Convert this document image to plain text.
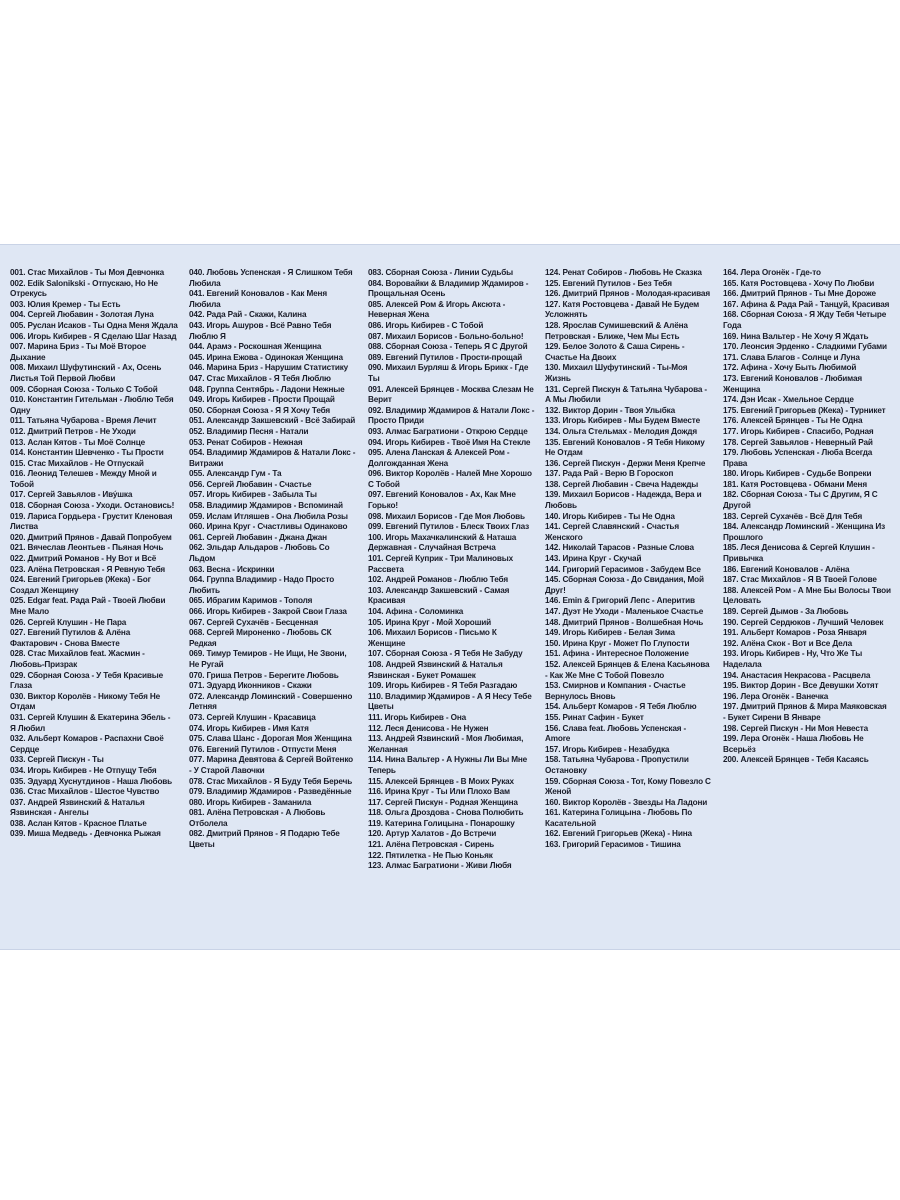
001. Стас Михайлов - Ты Моя Девчонка
002. Edik Salonikski - Отпускаю, Но Не Отрекусь
003. Юлия Кремер - Ты Есть
004. Сергей Любавин - Золотая Луна
005. Руслан Исаков - Ты Одна Меня Ждала
006. Игорь Кибирев - Я Сделаю Шаг Назад
007. Марина Бриз - Ты Моё Второе Дыхание
008. Михаил Шуфутинский - Ах, Осень Листья Той Первой Любви
009. Сборная Союза - Только С Тобой
010. Константин Гительман - Люблю Тебя Одну
011. Татьяна Чубарова - Время Лечит
012. Дмитрий Петров - Не Уходи
013. Аслан Кятов - Ты Моё Солнце
014. Константин Шевченко - Ты Прости
015. Стас Михайлов - Не Отпускай
016. Леонид Телешев - Между Мной и Тобой
017. Сергей Завьялов - Иву́шка
018. Сборная Союза - Уходи. Остановись!
019. Лариса Гордьера - Грустит Кленовая Листва
020. Дмитрий Прянов - Давай Попробуем
021. Вячеслав Леонтьев - Пьяная Ночь
022. Дмитрий Романов - Ну Вот и Всё
023. Алёна Петровская - Я Ревную Тебя
024. Евгений Григорьев (Жека) - Бог Создал Женщину
025. Edgar feat. Рада Рай - Твоей Любви Мне Мало
026. Сергей Клушин - Не Пара
027. Евгений Путилов & Алёна Фактарович - Снова Вместе
028. Стас Михайлов feat. Жасмин - Любовь-Призрак
029. Сборная Союза - У Тебя Красивые Глаза
030. Виктор Королёв - Никому Тебя Не Отдам
031. Сергей Клушин & Екатерина Эбель - Я Любил
032. Альберт Комаров - Распахни Своё Сердце
033. Сергей Пискун - Ты
034. Игорь Кибирев - Не Отпущу Тебя
035. Эдуард Хуснутдинов - Наша Любовь
036. Стас Михайлов - Шестое Чувство
037. Андрей Язвинский & Наталья Язвинская - Ангелы
038. Аслан Кятов - Красное Платье
039. Миша Медведь - Девчонка Рыжая
040. Любовь Успенская - Я Слишком Тебя Любила
041. Евгений Коновалов - Как Меня Любила
042. Рада Рай - Скажи, Калина
043. Игорь Ашуров - Всё Равно Тебя Люблю Я
044. Арамэ - Роскошная Женщина
045. Ирина Ежова - Одинокая Женщина
046. Марина Бриз - Нарушим Статистику
047. Стас Михайлов - Я Тебя Люблю
048. Группа Сентябрь - Ладони Нежные
049. Игорь Кибирев - Прости Прощай
050. Сборная Союза - Я Я Хочу Тебя
051. Александр Закшевский - Всё Забирай
052. Владимир Песня - Натали
053. Ренат Собиров - Нежная
054. Владимир Ждамиров & Натали Локс - Витражи
055. Александр Гум - Та
056. Сергей Любавин - Счастье
057. Игорь Кибирев - Забыла Ты
058. Владимир Ждамиров - Вспоминай
059. Ислам Итляшев - Она Любила Розы
060. Ирина Круг - Счастливы Одинаково
061. Сергей Любавин - Джана Джан
062. Эльдар Альдаров - Любовь Со Льдом
063. Весна - Искринки
064. Группа Владимир - Надо Просто Любить
065. Ибрагим Каримов - Тополя
066. Игорь Кибирев - Закрой Свои Глаза
067. Сергей Сухачёв - Бесценная
068. Сергей Мироненко - Любовь СК Редкая
069. Тимур Темиров - Не Ищи, Не Звони, Не Ругай
070. Гриша Петров - Берегите Любовь
071. Эдуард Иконников - Скажи
072. Александр Ломинский - Совершенно Летняя
073. Сергей Клушин - Красавица
074. Игорь Кибирев - Имя Катя
075. Слава Шанс - Дорогая Моя Женщина
076. Евгений Путилов - Отпусти Меня
077. Марина Девятова & Сергей Войтенко - У Старой Лавочки
078. Стас Михайлов - Я Буду Тебя Беречь
079. Владимир Ждамиров - Разведённые
080. Игорь Кибирев - Заманила
081. Алёна Петровская - А Любовь Отболела
082. Дмитрий Прянов - Я Подарю Тебе Цветы
083. Сборная Союза - Линии Судьбы
084. Воровайки & Владимир Ждамиров - Прощальная Осень
085. Алексей Ром & Игорь Аксюта - Неверная Жена
086. Игорь Кибирев - С Тобой
087. Михаил Борисов - Больно-больно!
088. Сборная Союза - Теперь Я С Другой
089. Евгений Путилов - Прости-прощай
090. Михаил Бурляш & Игорь Брикк - Где Ты
091. Алексей Брянцев - Москва Слезам Не Верит
092. Владимир Ждамиров & Натали Локс - Просто Приди
093. Алмас Багратиони - Открою Сердце
094. Игорь Кибирев - Твоё Имя На Стекле
095. Алена Ланская & Алексей Ром - Долгожданная Жена
096. Виктор Королёв - Налей Мне Хорошо С Тобой
097. Евгений Коновалов - Ах, Как Мне Горько!
098. Михаил Борисов - Где Моя Любовь
099. Евгений Путилов - Блеск Твоих Глаз
100. Игорь Махачкалинский & Наташа Державная - Случайная Встреча
101. Сергей Куприк - Три Малиновых Рассвета
102. Андрей Романов - Люблю Тебя
103. Александр Закшевский - Самая Красивая
104. Афина - Соломинка
105. Ирина Круг - Мой Хороший
106. Михаил Борисов - Письмо К Женщине
107. Сборная Союза - Я Тебя Не Забуду
108. Андрей Язвинский & Наталья Язвинская - Букет Ромашек
109. Игорь Кибирев - Я Тебя Разгадаю
110. Владимир Ждамиров - А Я Несу Тебе Цветы
111. Игорь Кибирев - Она
112. Леся Денисова - Не Нужен
113. Андрей Язвинский - Моя Любимая, Желанная
114. Нина Вальтер - А Нужны Ли Вы Мне Теперь
115. Алексей Брянцев - В Моих Руках
116. Ирина Круг - Ты Или Плохо Вам
117. Сергей Пискун - Родная Женщина
118. Ольга Дроздова - Снова Полюбить
119. Катерина Голицына - Понарошку
120. Артур Халатов - До Встречи
121. Алёна Петровская - Сирень
122. Пятилетка - Не Пью Коньяк
123. Алмас Багратиони - Живи Любя
124. Ренат Собиров - Любовь Не Сказка
125. Евгений Путилов - Без Тебя
126. Дмитрий Прянов - Молодая-красивая
127. Катя Ростовцева - Давай Не Будем Усложнять
128. Ярослав Сумишевский & Алёна Петровская - Ближе, Чем Мы Есть
129. Белое Золото & Саша Сирень - Счастье На Двоих
130. Михаил Шуфутинский - Ты-Моя Жизнь
131. Сергей Пискун & Татьяна Чубарова - А Мы Любили
132. Виктор Дорин - Твоя Улыбка
133. Игорь Кибирев - Мы Будем Вместе
134. Ольга Стельмах - Мелодия Дождя
135. Евгений Коновалов - Я Тебя Никому Не Отдам
136. Сергей Пискун - Держи Меня Крепче
137. Рада Рай - Верю В Гороскоп
138. Сергей Любавин - Свеча Надежды
139. Михаил Борисов - Надежда, Вера и Любовь
140. Игорь Кибирев - Ты Не Одна
141. Сергей Славянский - Счастья Женского
142. Николай Тарасов - Разные Слова
143. Ирина Круг - Скучай
144. Григорий Герасимов - Забудем Все
145. Сборная Союза - До Свидания, Мой Друг!
146. Emin & Григорий Лепс - Аперитив
147. Дуэт Не Уходи - Маленькое Счастье
148. Дмитрий Прянов - Волшебная Ночь
149. Игорь Кибирев - Белая Зима
150. Ирина Круг - Может По Глупости
151. Афина - Интересное Положение
152. Алексей Брянцев & Елена Касьянова - Как Же Мне С Тобой Повезло
153. Смирнов и Компания - Счастье Вернулось Вновь
154. Альберт Комаров - Я Тебя Люблю
155. Ринат Сафин - Букет
156. Слава feat. Любовь Успенская - Amore
157. Игорь Кибирев - Незабудка
158. Татьяна Чубарова - Пропустили Остановку
159. Сборная Союза - Тот, Кому Повезло С Женой
160. Виктор Королёв - Звезды На Ладони
161. Катерина Голицына - Любовь По Касательной
162. Евгений Григорьев (Жека) - Нина
163. Григорий Герасимов - Тишина
164. Лера Огонёк - Где-то
165. Катя Ростовцева - Хочу По Любви
166. Дмитрий Прянов - Ты Мне Дороже
167. Афина & Рада Рай - Танцуй, Красивая
168. Сборная Союза - Я Жду Тебя Четыре Года
169. Нина Вальтер - Не Хочу Я Ждать
170. Леонсия Эрденко - Сладкими Губами
171. Слава Благов - Солнце и Луна
172. Афина - Хочу Быть Любимой
173. Евгений Коновалов - Любимая Женщина
174. Дэн Исак - Хмельное Сердце
175. Евгений Григорьев (Жека) - Турникет
176. Алексей Брянцев - Ты Не Одна
177. Игорь Кибирев - Спасибо, Родная
178. Сергей Завьялов - Неверный Рай
179. Любовь Успенская - Люба Всегда Права
180. Игорь Кибирев - Судьбе Вопреки
181. Катя Ростовцева - Обмани Меня
182. Сборная Союза - Ты С Другим, Я С Другой
183. Сергей Сухачёв - Всё Для Тебя
184. Александр Ломинский - Женщина Из Прошлого
185. Леся Денисова & Сергей Клушин - Привычка
186. Евгений Коновалов - Алёна
187. Стас Михайлов - Я В Твоей Голове
188. Алексей Ром - А Мне Бы Волосы Твои Целовать
189. Сергей Дымов - За Любовь
190. Сергей Сердюков - Лучший Человек
191. Альберт Комаров - Роза Января
192. Алёна Скок - Вот и Все Дела
193. Игорь Кибирев - Ну, Что Же Ты Наделала
194. Анастасия Некрасова - Расцвела
195. Виктор Дорин - Все Девушки Хотят
196. Лера Огонёк - Ванечка
197. Дмитрий Прянов & Мира Маяковская - Букет Сирени В Январе
198. Сергей Пискун - Ни Моя Невеста
199. Лера Огонёк - Наша Любовь Не Всерьёз
200. Алексей Брянцев - Тебя Касаясь
